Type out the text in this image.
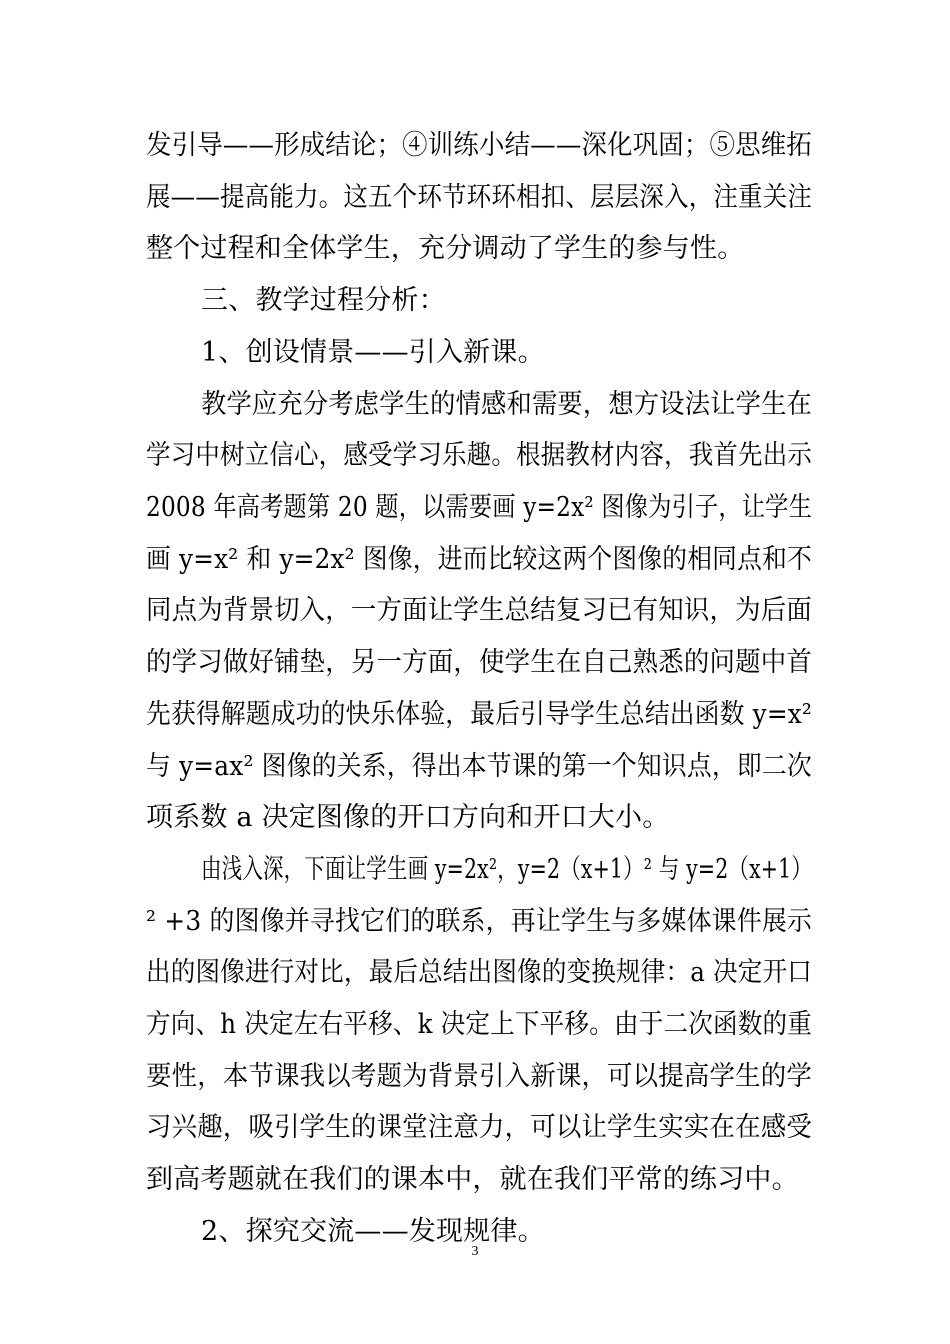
发引导——形成结论；④训练小结——深化巩固；⑤思维拓
展——提高能力。这五个环节环环相扣、层层深入，注重关注
整个过程和全体学生，充分调动了学生的参与性。
三、教学过程分析：
1、创设情景——引入新课。
教学应充分考虑学生的情感和需要，想方设法让学生在
学习中树立信心，感受学习乐趣。根据教材内容，我首先出示
2008 年高考题第 20 题，以需要画 y=2x² 图像为引子，让学生
画 y=x² 和 y=2x² 图像，进而比较这两个图像的相同点和不
同点为背景切入，一方面让学生总结复习已有知识，为后面
的学习做好铺垫，另一方面，使学生在自己熟悉的问题中首
先获得解题成功的快乐体验，最后引导学生总结出函数 y=x²
与 y=ax² 图像的关系，得出本节课的第一个知识点，即二次
项系数 a 决定图像的开口方向和开口大小。
由浅入深，下面让学生画 y=2x²，y=2（x+1）² 与 y=2（x+1）
² +3 的图像并寻找它们的联系，再让学生与多媒体课件展示
出的图像进行对比，最后总结出图像的变换规律：a 决定开口
方向、h 决定左右平移、k 决定上下平移。由于二次函数的重
要性，本节课我以考题为背景引入新课，可以提高学生的学
习兴趣，吸引学生的课堂注意力，可以让学生实实在在感受
到高考题就在我们的课本中，就在我们平常的练习中。
2、探究交流——发现规律。
3
